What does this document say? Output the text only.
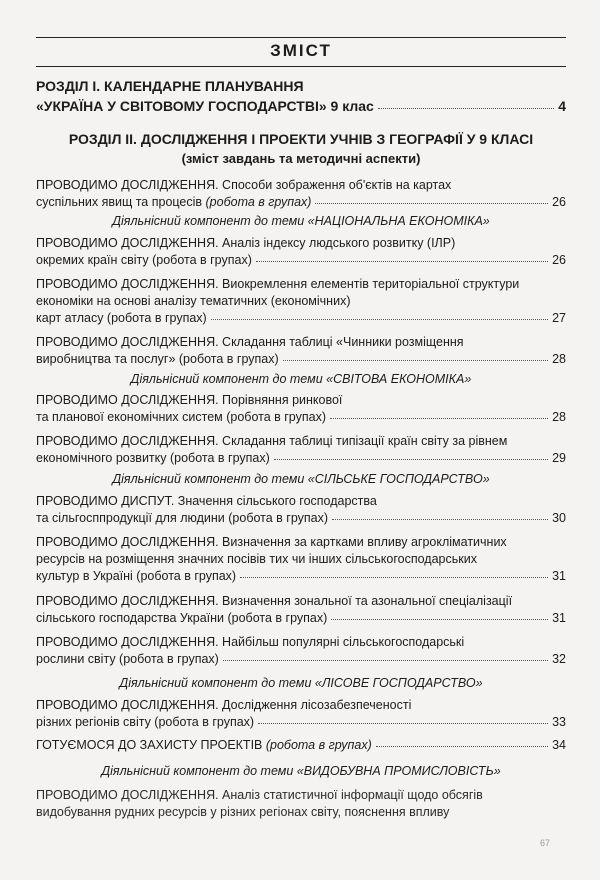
ЗМІСТ
РОЗДІЛ І. КАЛЕНДАРНЕ ПЛАНУВАННЯ
«УКРАЇНА У СВІТОВОМУ ГОСПОДАРСТВІ» 9 клас	4
РОЗДІЛ ІІ. ДОСЛІДЖЕННЯ І ПРОЕКТИ УЧНІВ З ГЕОГРАФІЇ У 9 КЛАСІ
(зміст завдань та методичні аспекти)
ПРОВОДИМО ДОСЛІДЖЕННЯ. Способи зображення об'єктів на картах
суспільних явищ та процесів (робота в групах)	26
Діяльнісний компонент до теми «НАЦІОНАЛЬНА ЕКОНОМІКА»
ПРОВОДИМО ДОСЛІДЖЕННЯ. Аналіз індексу людського розвитку (ІЛР)
окремих країн світу (робота в групах)	26
ПРОВОДИМО ДОСЛІДЖЕННЯ. Виокремлення елементів територіальної структури
економіки на основі аналізу тематичних (економічних)
карт атласу (робота в групах)	27
ПРОВОДИМО ДОСЛІДЖЕННЯ. Складання таблиці «Чинники розміщення
виробництва та послуг» (робота в групах)	28
Діяльнісний компонент до теми «СВІТОВА ЕКОНОМІКА»
ПРОВОДИМО ДОСЛІДЖЕННЯ. Порівняння ринкової
та планової економічних систем (робота в групах)	28
ПРОВОДИМО ДОСЛІДЖЕННЯ. Складання таблиці типізації країн світу за рівнем
економічного розвитку (робота в групах)	29
Діяльнісний компонент до теми «СІЛЬСЬКЕ ГОСПОДАРСТВО»
ПРОВОДИМО ДИСПУТ. Значення сільського господарства
та сільгосппродукції для людини (робота в групах)	30
ПРОВОДИМО ДОСЛІДЖЕННЯ. Визначення за картками впливу агрокліматичних
ресурсів на розміщення значних посівів тих чи інших сільськогосподарських
культур в Україні (робота в групах)	31
ПРОВОДИМО ДОСЛІДЖЕННЯ. Визначення зональної та азональної спеціалізації
сільського господарства України (робота в групах)	31
ПРОВОДИМО ДОСЛІДЖЕННЯ. Найбільш популярні сільськогосподарські
рослини світу (робота в групах)	32
Діяльнісний компонент до теми «ЛІСОВЕ ГОСПОДАРСТВО»
ПРОВОДИМО ДОСЛІДЖЕННЯ. Дослідження лісозабезпеченості
різних регіонів світу (робота в групах)	33
ГОТУЄМОСЯ ДО ЗАХИСТУ ПРОЕКТІВ (робота в групах)	34
Діяльнісний компонент до теми «ВИДОБУВНА ПРОМИСЛОВІСТЬ»
ПРОВОДИМО ДОСЛІДЖЕННЯ. Аналіз статистичної інформації щодо обсягів
видобування рудних ресурсів у різних регіонах світу, пояснення впливу
67
